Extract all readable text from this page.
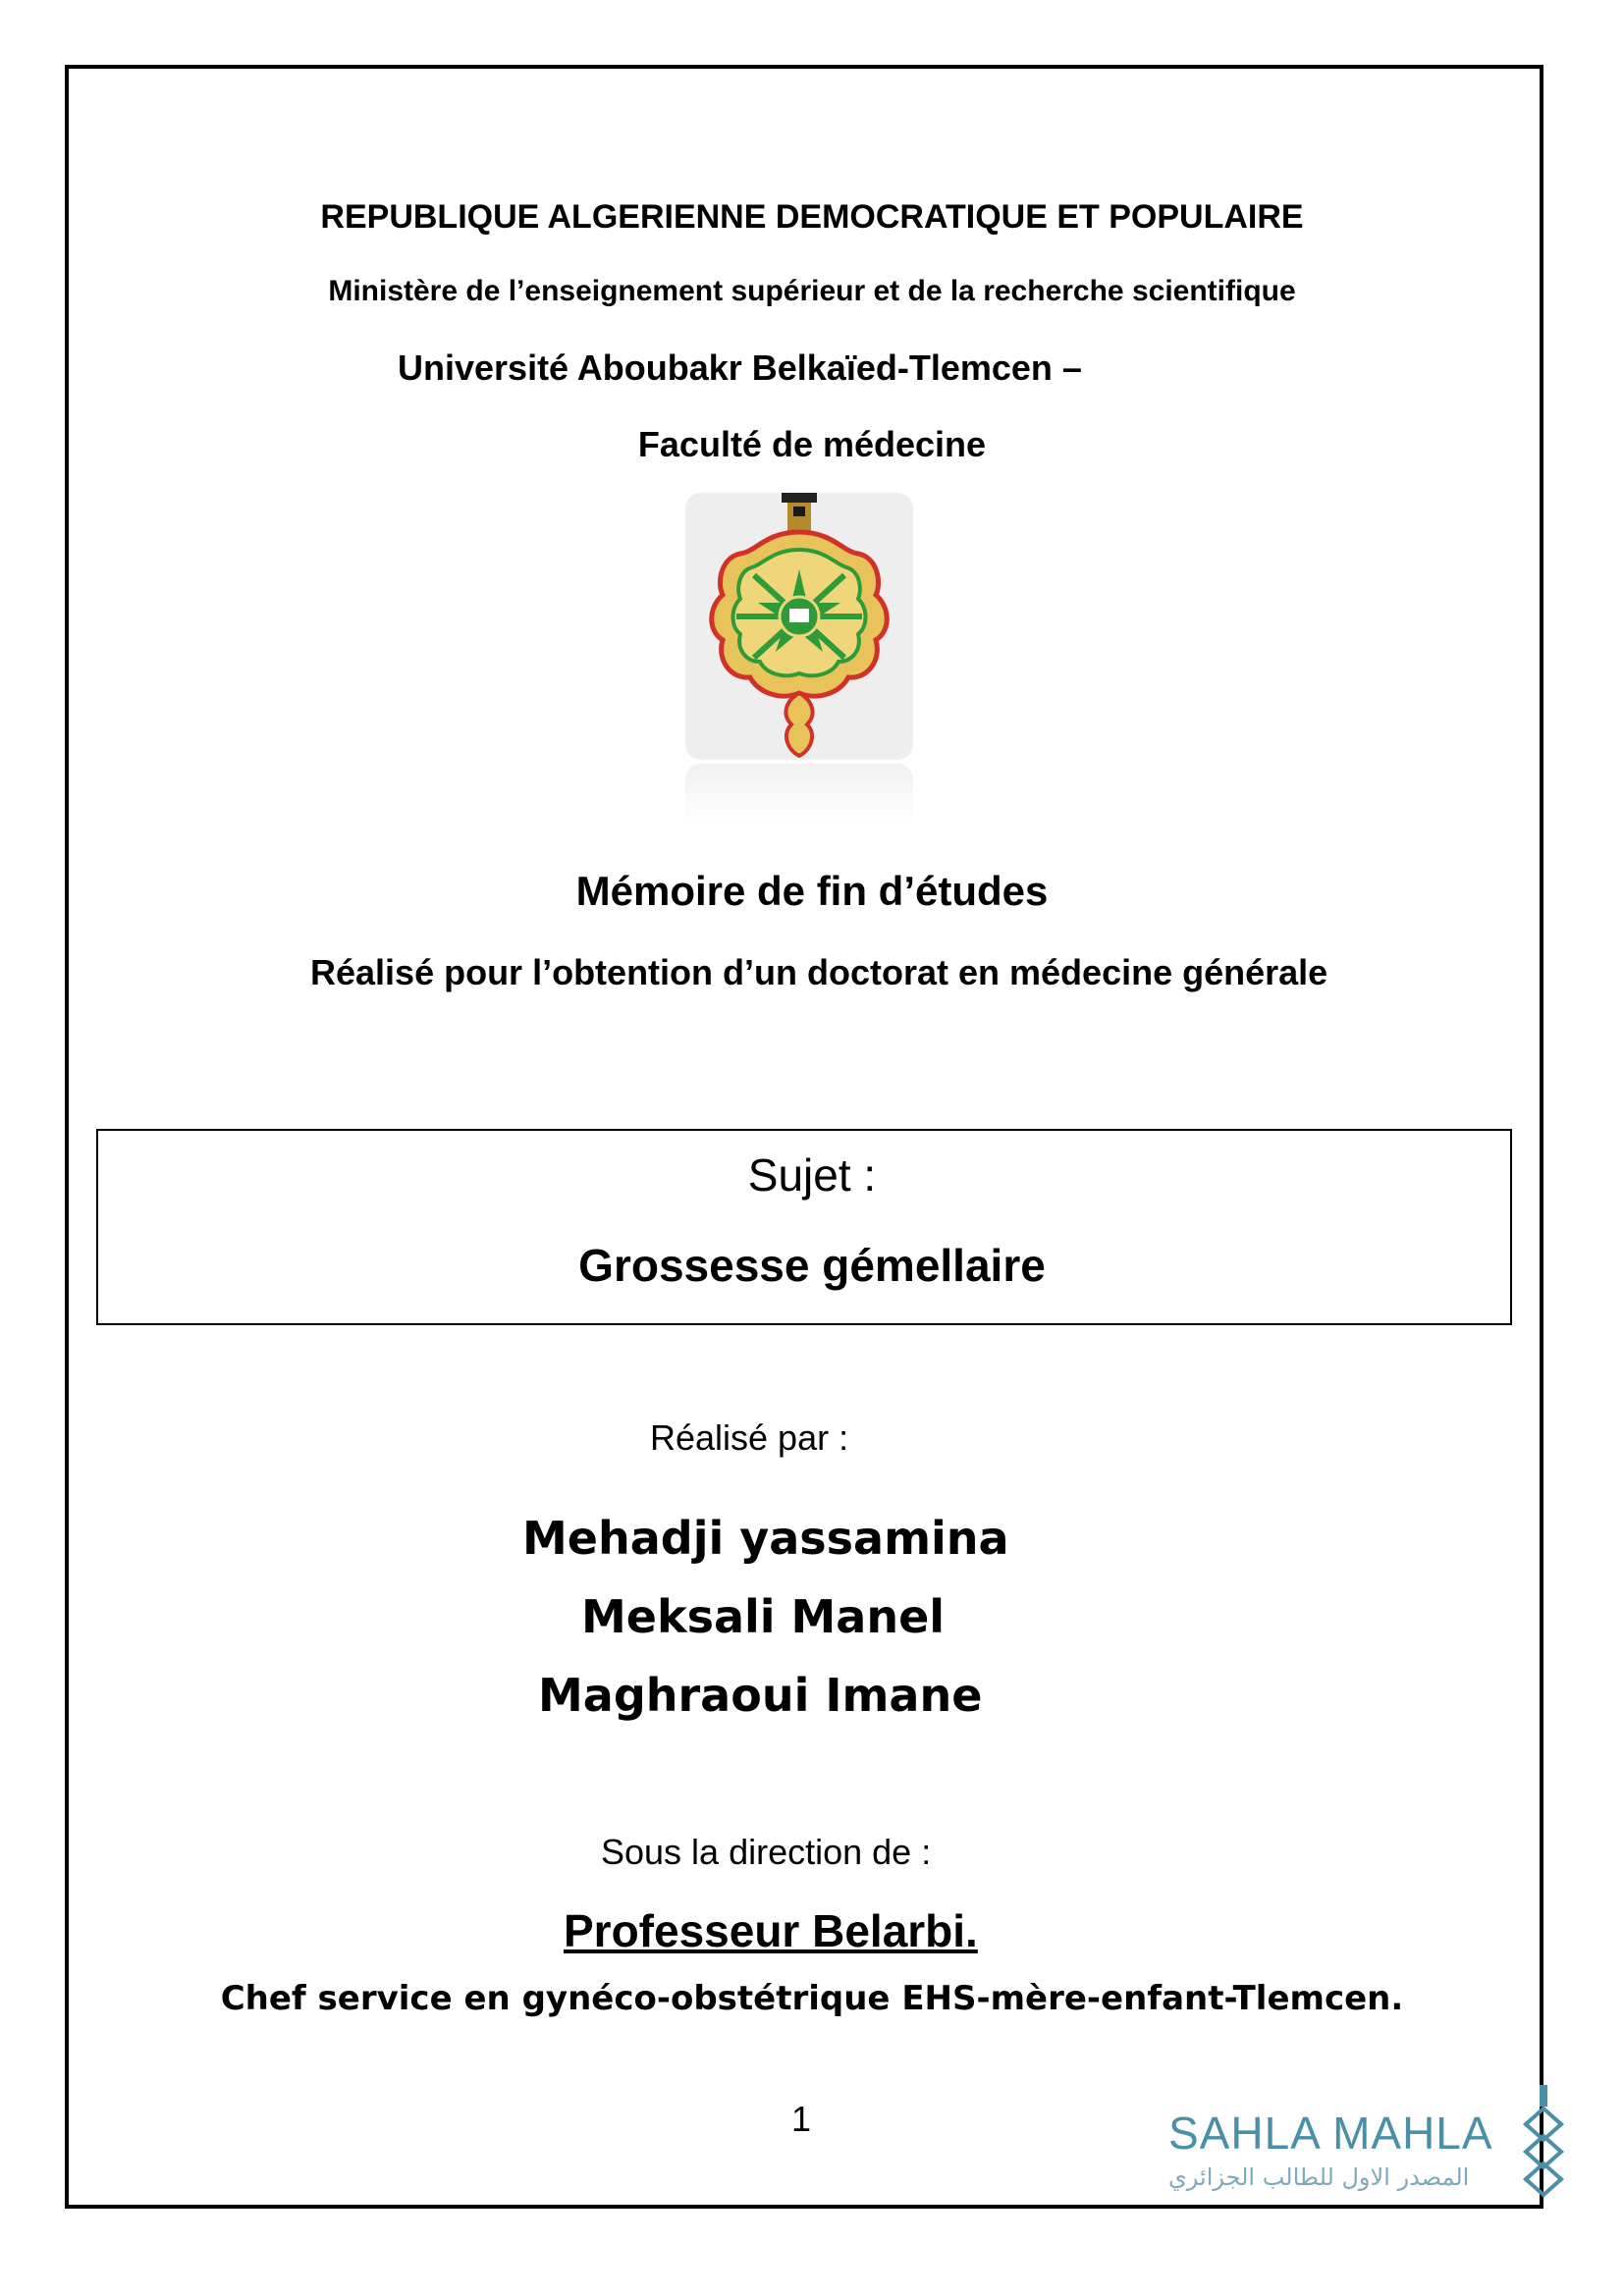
REPUBLIQUE ALGERIENNE DEMOCRATIQUE ET POPULAIRE
Ministère de l’enseignement supérieur et de la recherche scientifique
Université Aboubakr Belkaïed-Tlemcen –
Faculté de médecine
Mémoire de fin d’études
Réalisé pour l’obtention d’un doctorat en médecine générale
Sujet :
Grossesse gémellaire
Réalisé par :
Mehadji yassamina
Meksali Manel
Maghraoui Imane
Sous la direction de :
Professeur Belarbi.
Chef service en gynéco-obstétrique EHS-mère-enfant-Tlemcen.
1	SAHLA MAHLA
المصدر الاول للطالب الجزائري
